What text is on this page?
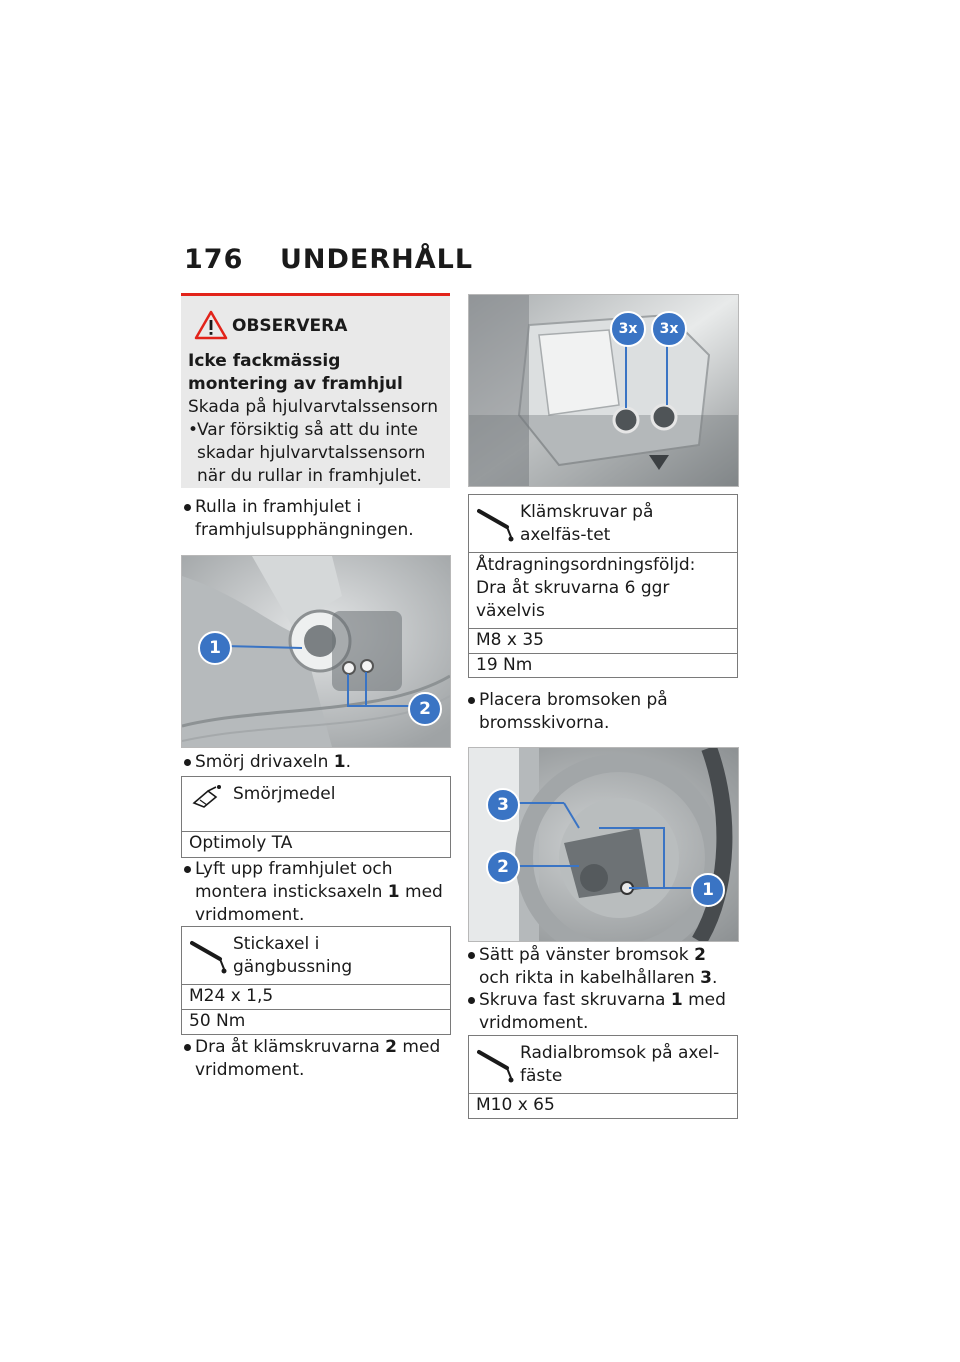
176	UNDERHÅLL
OBSERVERA
Icke fackmässig montering av framhjul
Skada på hjulvarvtalssensorn
•
Var försiktig så att du inte skadar hjulvarvtalssensorn när du rullar in framhjulet.
Rulla in framhjulet i framhjulsupphängningen.
1
2
Smörj drivaxeln 1.
Smörjmedel
Optimoly TA
Lyft upp framhjulet och montera insticksaxeln 1 med vridmoment.
Stickaxel i gängbussning
M24 x 1,5
50 Nm
Dra åt klämskruvarna 2 med vridmoment.
3x	3x
Klämskruvar på axelfäs-tet
Åtdragningsordningsföljd: Dra åt skruvarna 6 ggr växelvis
M8 x 35
19 Nm
Placera bromsoken på bromsskivorna.
3
2
1
Sätt på vänster bromsok 2 och rikta in kabelhållaren 3.
Skruva fast skruvarna 1 med vridmoment.
Radialbromsok på axel-fäste
M10 x 65
